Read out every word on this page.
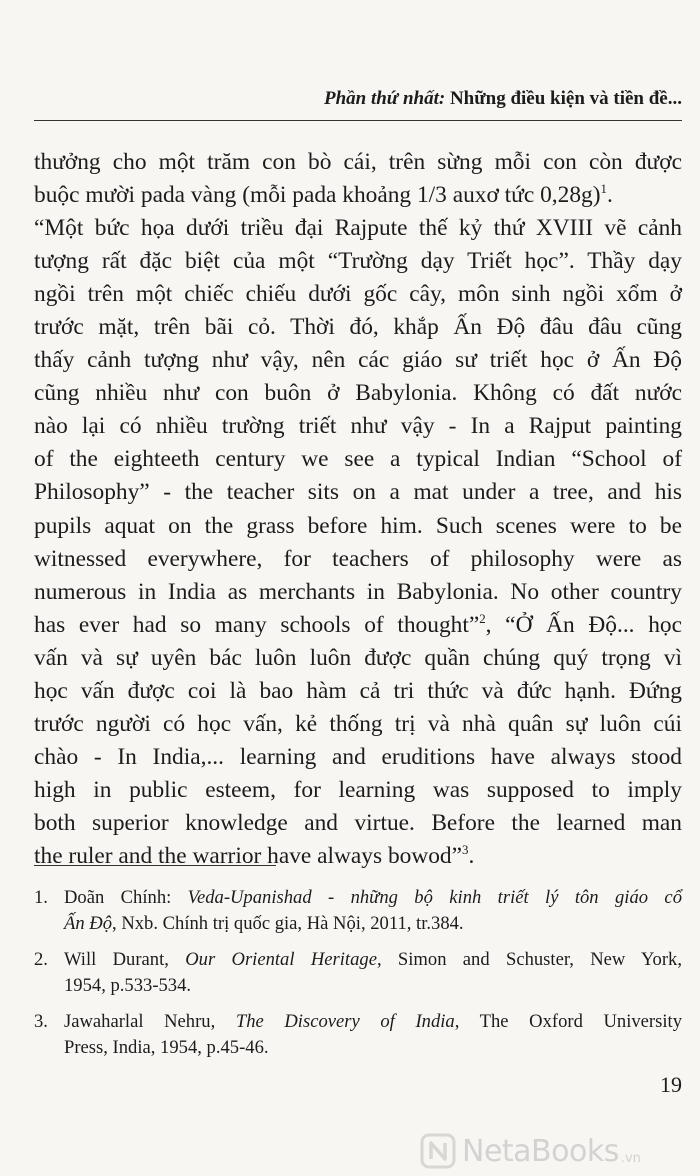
Phần thứ nhất: Những điều kiện và tiền đề...
thưởng cho một trăm con bò cái, trên sừng mỗi con còn được
buộc mười pada vàng (mỗi pada khoảng 1/3 auxơ tức 0,28g)$^1$.
“Một bức họa dưới triều đại Rajpute thế kỷ thứ XVIII vẽ cảnh
tượng rất đặc biệt của một “Trường dạy Triết học”. Thầy dạy
ngồi trên một chiếc chiếu dưới gốc cây, môn sinh ngồi xổm ở
trước mặt, trên bãi cỏ. Thời đó, khắp Ấn Độ đâu đâu cũng
thấy cảnh tượng như vậy, nên các giáo sư triết học ở Ấn Độ
cũng nhiều như con buôn ở Babylonia. Không có đất nước
nào lại có nhiều trường triết như vậy - In a Rajput painting
of the eighteeth century we see a typical Indian “School of
Philosophy” - the teacher sits on a mat under a tree, and his
pupils aquat on the grass before him. Such scenes were to be
witnessed everywhere, for teachers of philosophy were as
numerous in India as merchants in Babylonia. No other country
has ever had so many schools of thought”$^2$, “Ở Ấn Độ... học
vấn và sự uyên bác luôn luôn được quần chúng quý trọng vì
học vấn được coi là bao hàm cả tri thức và đức hạnh. Đứng
trước người có học vấn, kẻ thống trị và nhà quân sự luôn cúi
chào - In India,... learning and eruditions have always stood
high in public esteem, for learning was supposed to imply
both superior knowledge and virtue. Before the learned man
the ruler and the warrior have always bowod”$^3$.
1. Doãn Chính: Veda-Upanishad - những bộ kinh triết lý tôn giáo cổ
Ấn Độ, Nxb. Chính trị quốc gia, Hà Nội, 2011, tr.384.
2. Will Durant, Our Oriental Heritage, Simon and Schuster, New York,
1954, p.533-534.
3. Jawaharlal Nehru, The Discovery of India, The Oxford University
Press, India, 1954, p.45-46.
19
NetaBooks .vn
